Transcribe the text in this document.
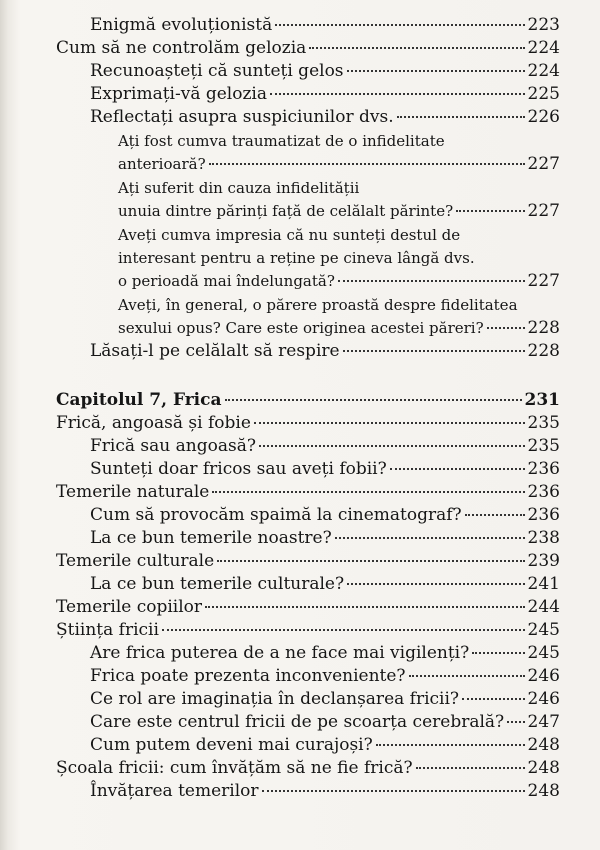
Enigmă evoluționistă	223
Cum să ne controlăm gelozia	224
Recunoașteți că sunteți gelos	224
Exprimați-vă gelozia	225
Reflectați asupra suspiciunilor dvs.	226
Ați fost cumva traumatizat de o infidelitate
anterioară?	227
Ați suferit din cauza infidelității
unuia dintre părinți față de celălalt părinte?	227
Aveți cumva impresia că nu sunteți destul de
interesant pentru a reține pe cineva lângă dvs.
o perioadă mai îndelungată?	227
Aveți, în general, o părere proastă despre fidelitatea
sexului opus? Care este originea acestei păreri?	228
Lăsați-l pe celălalt să respire	228
Capitolul 7, Frica	231
Frică, angoasă și fobie	235
Frică sau angoasă?	235
Sunteți doar fricos sau aveți fobii?	236
Temerile naturale	236
Cum să provocăm spaimă la cinematograf?	236
La ce bun temerile noastre?	238
Temerile culturale	239
La ce bun temerile culturale?	241
Temerile copiilor	244
Știința fricii	245
Are frica puterea de a ne face mai vigilenți?	245
Frica poate prezenta inconveniente?	246
Ce rol are imaginația în declanșarea fricii?	246
Care este centrul fricii de pe scoarța cerebrală? 247
Cum putem deveni mai curajoși?	248
Școala fricii: cum învățăm să ne fie frică?	248
Învățarea temerilor	248
